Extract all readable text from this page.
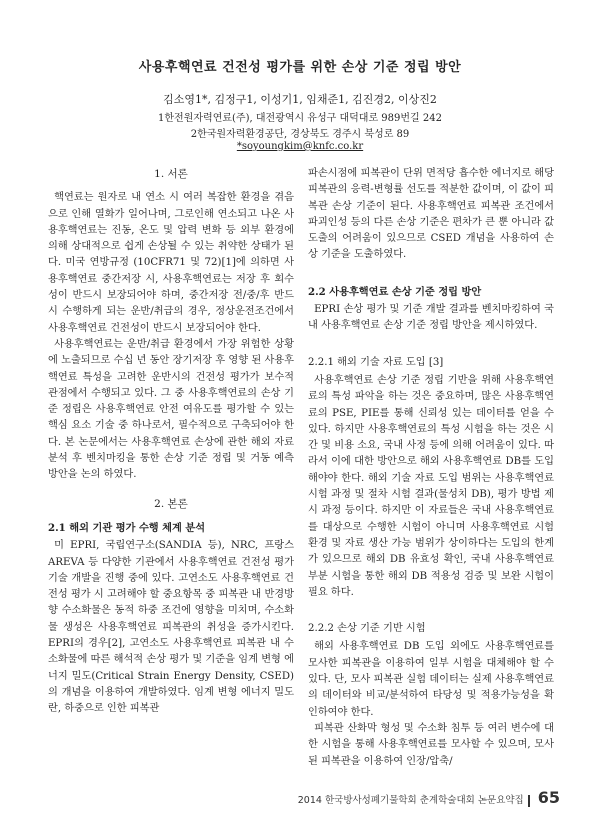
사용후핵연료 건전성 평가를 위한 손상 기준 정립 방안
김소영1*, 김정구1, 이성기1, 임채준1, 김진경2, 이상진2
1한전원자력연료(주), 대전광역시 유성구 대덕대로 989번길 242
2한국원자력환경공단, 경상북도 경주시 북성로 89
*soyoungkim@knfc.co.kr
1. 서론

핵연료는 원자로 내 연소 시 여러 복잡한 환경을 겪음으로 인해 열화가 일어나며, 그로인해 연소되고 나온 사용후핵연료는 진동, 온도 및 압력 변화 등 외부 환경에 의해 상대적으로 쉽게 손상될 수 있는 취약한 상태가 된다. 미국 연방규정 (10CFR71 및 72)[1]에 의하면 사용후핵연료 중간저장 시, 사용후핵연료는 저장 후 회수성이 반드시 보장되어야 하며, 중간저장 전/중/후 반드시 수행하게 되는 운반/취급의 경우, 정상운전조건에서 사용후핵연료 건전성이 반드시 보장되어야 한다.

사용후핵연료는 운반/취급 환경에서 가장 위험한 상황에 노출되므로 수십 년 동안 장기저장 후 영향 된 사용후핵연료 특성을 고려한 운반시의 건전성 평가가 보수적 관점에서 수행되고 있다. 그 중 사용후핵연료의 손상 기준 정립은 사용후핵연료 안전 여유도를 평가할 수 있는 핵심 요소 기술 중 하나로서, 필수적으로 구축되어야 한다. 본 논문에서는 사용후핵연료 손상에 관한 해외 자료 분석 후 벤치마킹을 통한 손상 기준 정립 및 거동 예측 방안을 논의 하였다.

2. 본론
2.1 해외 기관 평가 수행 체계 분석

미 EPRI, 국립연구소(SANDIA 등), NRC, 프랑스 AREVA 등 다양한 기관에서 사용후핵연료 건전성 평가 기술 개발을 진행 중에 있다. 고연소도 사용후핵연료 건전성 평가 시 고려해야 할 중요항목 중 피복관 내 반경방향 수소화물은 동적 하중 조건에 영향을 미치며, 수소화물 생성은 사용후핵연료 피복관의 취성을 증가시킨다. EPRI의 경우[2], 고연소도 사용후핵연료 피복관 내 수소화물에 따른 해석적 손상 평가 및 기준을 임계 변형 에너지 밀도(Critical Strain Energy Density, CSED)의 개념을 이용하여 개발하였다. 임계 변형 에너지 밀도란, 하중으로 인한 피복관

파손시점에 피복관이 단위 면적당 흡수한 에너지로 해당 피복관의 응력-변형률 선도를 적분한 값이며, 이 값이 피복관 손상 기준이 된다. 사용후핵연료 피복관 조건에서 파괴인성 등의 다른 손상 기준은 편차가 큰 뿐 아니라 값 도출의 어려움이 있으므로 CSED 개념을 사용하여 손상 기준을 도출하였다.

2.2 사용후핵연료 손상 기준 정립 방안

EPRI 손상 평가 및 기준 개발 결과를 벤치마킹하여 국내 사용후핵연료 손상 기준 정립 방안을 제시하였다.

2.2.1 해외 기술 자료 도입 [3]

사용후핵연료 손상 기준 정립 기반을 위해 사용후핵연료의 특성 파악을 하는 것은 중요하며, 많은 사용후핵연료의 PSE, PIE를 통해 신뢰성 있는 데이터를 얻을 수 있다. 하지만 사용후핵연료의 특성 시험을 하는 것은 시간 및 비용 소요, 국내 사정 등에 의해 어려움이 있다. 따라서 이에 대한 방안으로 해외 사용후핵연료 DB를 도입해야야 한다. 해외 기술 자료 도입 범위는 사용후핵연료 시험 과정 및 절차 시험 결과(물성치 DB), 평가 방법 제시 과정 등이다. 하지만 이 자료들은 국내 사용후핵연료를 대상으로 수행한 시험이 아니며 사용후핵연료 시험 환경 및 자료 생산 가능 범위가 상이하다는 도입의 한계가 있으므로 해외 DB 유효성 확인, 국내 사용후핵연료 부분 시험을 통한 해외 DB 적용성 검증 및 보완 시험이 필요 하다.

2.2.2 손상 기준 기반 시험

해외 사용후핵연료 DB 도입 외에도 사용후핵연료를 모사한 피복관을 이용하여 일부 시험을 대체해야 할 수 있다. 단, 모사 피복관 실험 데이터는 실제 사용후핵연료의 데이터와 비교/분석하여 타당성 및 적용가능성을 확인하여야 한다.

피복관 산화막 형성 및 수소화 침투 등 여러 변수에 대한 시험을 통해 사용후핵연료를 모사할 수 있으며, 모사된 피복관을 이용하여 인장/압축/

2014 한국방사성폐기물학회 춘계학술대회 논문요약집 65
